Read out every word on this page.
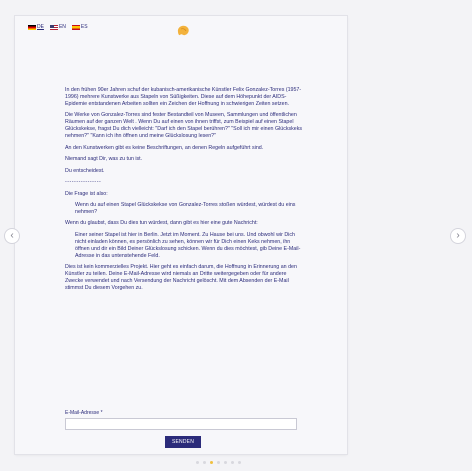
DE	EN	ES

In den frühen 90er Jahren schuf der kubanisch-amerikanische Künstler Felix Gonzalez-Torres (1957-1996) mehrere Kunstwerke aus Stapeln von Süßigkeiten. Diese auf dem Höhepunkt der AIDS-Epidemie entstandenen Arbeiten sollten ein Zeichen der Hoffnung in schwierigen Zeiten setzen.

Die Werke von Gonzalez-Torres sind fester Bestandteil von Museen, Sammlungen und öffentlichen Räumen auf der ganzen Welt . Wenn Du auf einen von ihnen triffst, zum Beispiel auf einen Stapel Glückskekse, fragst Du dich vielleicht: "Darf ich den Stapel berühren?" "Soll ich mir einen Glückskeks nehmen?" "Kann ich ihn öffnen und meine Glückslosung lesen?"

An den Kunstwerken gibt es keine Beschriftungen, an denen Regeln aufgeführt sind.

Niemand sagt Dir, was zu tun ist.

Du entscheidest.

----------------

Die Frage ist also:

Wenn du auf einen Stapel Glückskekse von Gonzalez-Torres stoßen würdest, würdest du eins nehmen?

Wenn du glaubst, dass Du dies tun würdest, dann gibt es hier eine gute Nachricht:

Einer seiner Stapel ist hier in Berlin. Jetzt im Moment. Zu Hause bei uns. Und obwohl wir Dich nicht einladen können, es persönlich zu sehen, können wir für Dich einen Keks nehmen, ihn öffnen und dir ein Bild Deiner Glückslosung schicken. Wenn du dies möchtest, gib Deine E-Mail-Adresse in das untenstehende Feld.

Dies ist kein kommerzielles Projekt. Hier geht es einfach darum, die Hoffnung in Erinnerung an den Künstler zu teilen. Deine E-Mail-Adresse wird niemals an Dritte weitergegeben oder für andere Zwecke verwendet und nach Versendung der Nachricht gelöscht. Mit dem Absenden der E-Mail stimmst Du diesem Vorgehen zu.

E-Mail-Adresse *
SENDEN
‹	›
